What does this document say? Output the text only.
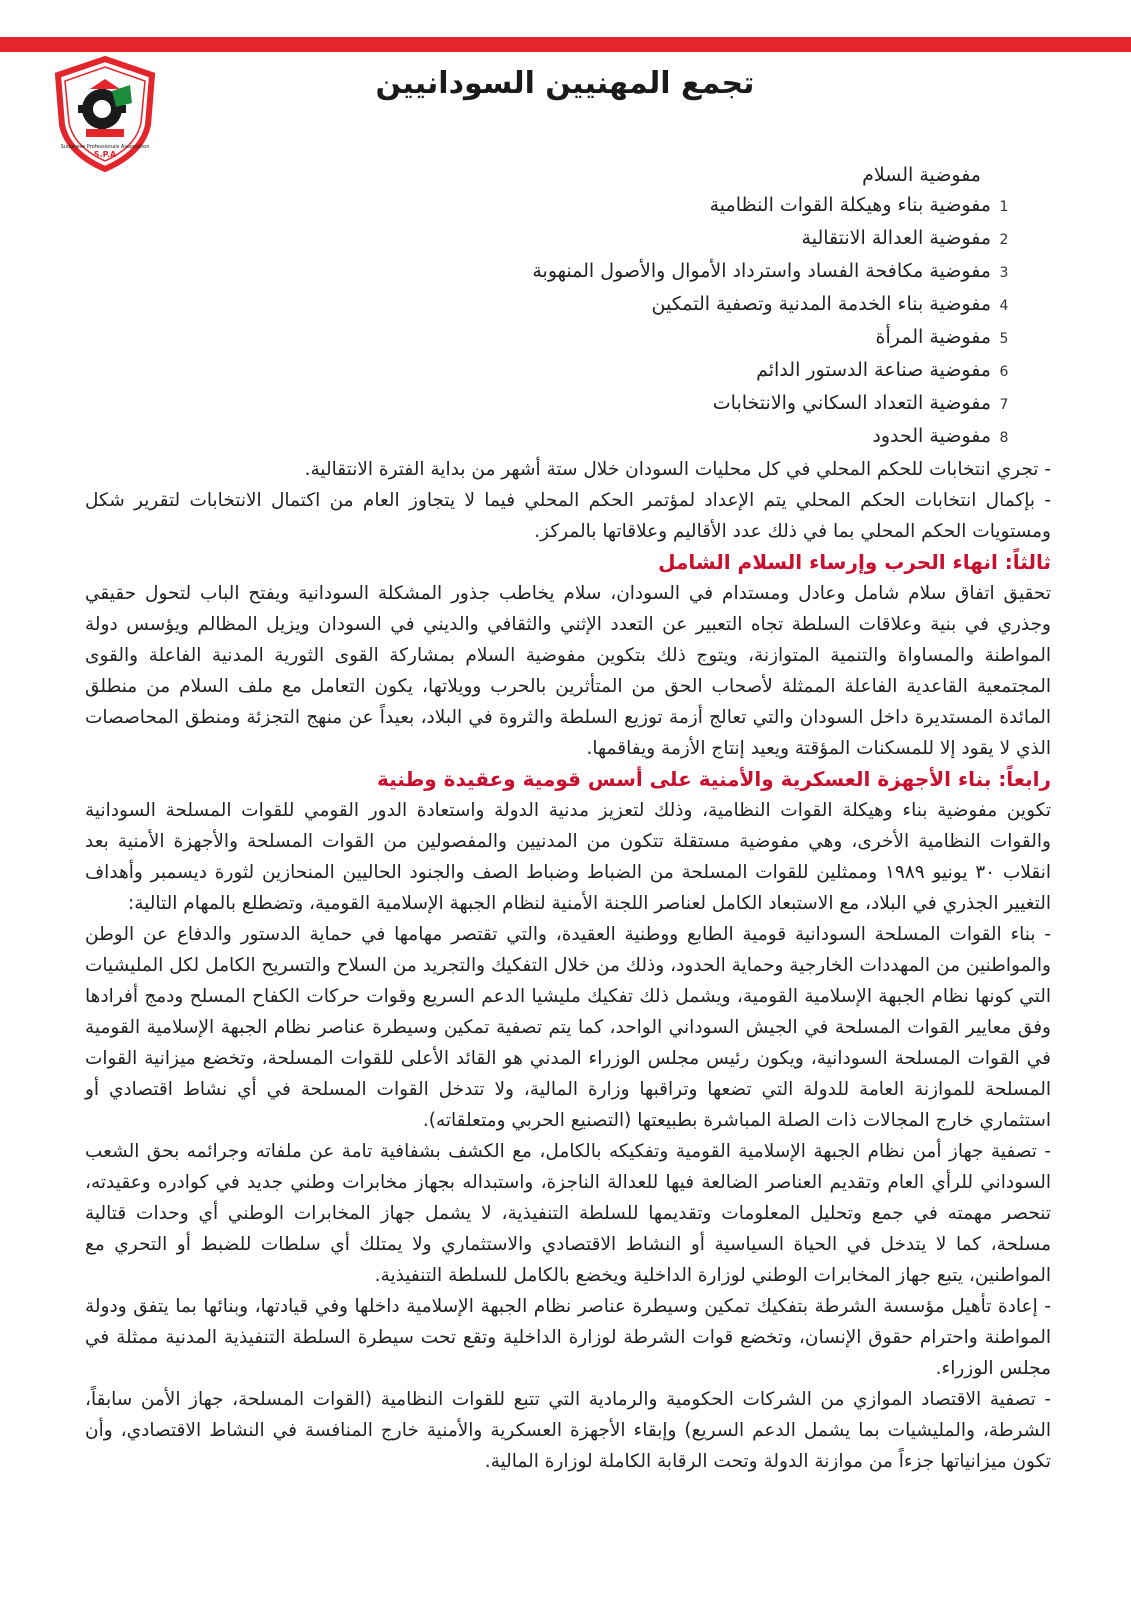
Sudanese Professionals Association
S.P.A
تجمع المهنيين السودانيين
مفوضية السلام
1
مفوضية بناء وهيكلة القوات النظامية
2
مفوضية العدالة الانتقالية
3
مفوضية مكافحة الفساد واسترداد الأموال والأصول المنهوبة
4
مفوضية بناء الخدمة المدنية وتصفية التمكين
5
مفوضية المرأة
6
مفوضية صناعة الدستور الدائم
7
مفوضية التعداد السكاني والانتخابات
8
مفوضية الحدود

- تجري انتخابات للحكم المحلي في كل محليات السودان خلال ستة أشهر من بداية الفترة الانتقالية.

- بإكمال انتخابات الحكم المحلي يتم الإعداد لمؤتمر الحكم المحلي فيما لا يتجاوز العام من اكتمال الانتخابات لتقرير شكل ومستويات الحكم المحلي بما في ذلك عدد الأقاليم وعلاقاتها بالمركز.

ثالثاً: انهاء الحرب وإرساء السلام الشامل

تحقيق اتفاق سلام شامل وعادل ومستدام في السودان، سلام يخاطب جذور المشكلة السودانية ويفتح الباب لتحول حقيقي وجذري في بنية وعلاقات السلطة تجاه التعبير عن التعدد الإثني والثقافي والديني في السودان ويزيل المظالم ويؤسس دولة المواطنة والمساواة والتنمية المتوازنة، ويتوج ذلك بتكوين مفوضية السلام بمشاركة القوى الثورية المدنية الفاعلة والقوى المجتمعية القاعدية الفاعلة الممثلة لأصحاب الحق من المتأثرين بالحرب وويلاتها، يكون التعامل مع ملف السلام من منطلق المائدة المستديرة داخل السودان والتي تعالج أزمة توزيع السلطة والثروة في البلاد، بعيداً عن منهج التجزئة ومنطق المحاصصات الذي لا يقود إلا للمسكنات المؤقتة ويعيد إنتاج الأزمة ويفاقمها.

رابعاً: بناء الأجهزة العسكرية والأمنية على أسس قومية وعقيدة وطنية

تكوين مفوضية بناء وهيكلة القوات النظامية، وذلك لتعزيز مدنية الدولة واستعادة الدور القومي للقوات المسلحة السودانية والقوات النظامية الأخرى، وهي مفوضية مستقلة تتكون من المدنيين والمفصولين من القوات المسلحة والأجهزة الأمنية بعد انقلاب ٣٠ يونيو ١٩٨٩ وممثلين للقوات المسلحة من الضباط وضباط الصف والجنود الحاليين المنحازين لثورة ديسمبر وأهداف التغيير الجذري في البلاد، مع الاستبعاد الكامل لعناصر اللجنة الأمنية لنظام الجبهة الإسلامية القومية، وتضطلع بالمهام التالية:

- بناء القوات المسلحة السودانية قومية الطابع ووطنية العقيدة، والتي تقتصر مهامها في حماية الدستور والدفاع عن الوطن والمواطنين من المهددات الخارجية وحماية الحدود، وذلك من خلال التفكيك والتجريد من السلاح والتسريح الكامل لكل المليشيات التي كونها نظام الجبهة الإسلامية القومية، ويشمل ذلك تفكيك مليشيا الدعم السريع وقوات حركات الكفاح المسلح ودمج أفرادها وفق معايير القوات المسلحة في الجيش السوداني الواحد، كما يتم تصفية تمكين وسيطرة عناصر نظام الجبهة الإسلامية القومية في القوات المسلحة السودانية، ويكون رئيس مجلس الوزراء المدني هو القائد الأعلى للقوات المسلحة، وتخضع ميزانية القوات المسلحة للموازنة العامة للدولة التي تضعها وتراقبها وزارة المالية، ولا تتدخل القوات المسلحة في أي نشاط اقتصادي أو استثماري خارج المجالات ذات الصلة المباشرة بطبيعتها (التصنيع الحربي ومتعلقاته).

- تصفية جهاز أمن نظام الجبهة الإسلامية القومية وتفكيكه بالكامل، مع الكشف بشفافية تامة عن ملفاته وجرائمه بحق الشعب السوداني للرأي العام وتقديم العناصر الضالعة فيها للعدالة الناجزة، واستبداله بجهاز مخابرات وطني جديد في كوادره وعقيدته، تنحصر مهمته في جمع وتحليل المعلومات وتقديمها للسلطة التنفيذية، لا يشمل جهاز المخابرات الوطني أي وحدات قتالية مسلحة، كما لا يتدخل في الحياة السياسية أو النشاط الاقتصادي والاستثماري ولا يمتلك أي سلطات للضبط أو التحري مع المواطنين، يتبع جهاز المخابرات الوطني لوزارة الداخلية ويخضع بالكامل للسلطة التنفيذية.

- إعادة تأهيل مؤسسة الشرطة بتفكيك تمكين وسيطرة عناصر نظام الجبهة الإسلامية داخلها وفي قيادتها، وبنائها بما يتفق ودولة المواطنة واحترام حقوق الإنسان، وتخضع قوات الشرطة لوزارة الداخلية وتقع تحت سيطرة السلطة التنفيذية المدنية ممثلة في مجلس الوزراء.

- تصفية الاقتصاد الموازي من الشركات الحكومية والرمادية التي تتبع للقوات النظامية (القوات المسلحة، جهاز الأمن سابقاً، الشرطة، والمليشيات بما يشمل الدعم السريع) وإبقاء الأجهزة العسكرية والأمنية خارج المنافسة في النشاط الاقتصادي، وأن تكون ميزانياتها جزءاً من موازنة الدولة وتحت الرقابة الكاملة لوزارة المالية.
